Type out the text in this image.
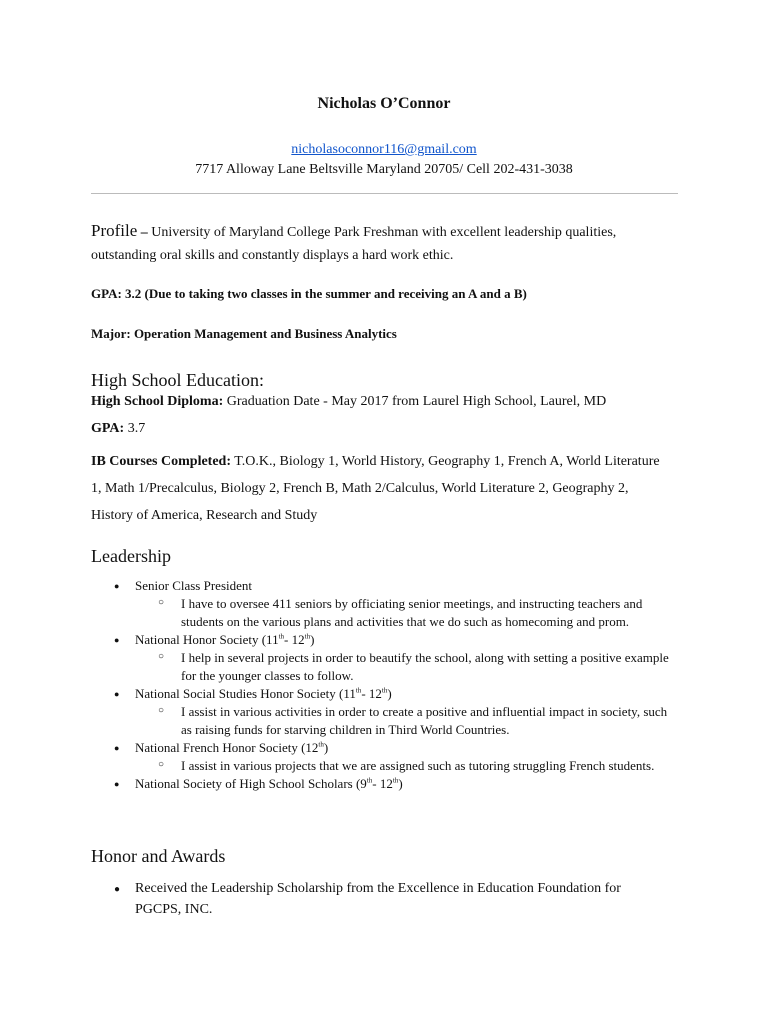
Nicholas O’Connor
nicholasoconnor116@gmail.com
7717 Alloway Lane Beltsville Maryland 20705/ Cell 202-431-3038
Profile – University of Maryland College Park Freshman with excellent leadership qualities, outstanding oral skills and constantly displays a hard work ethic.
GPA: 3.2 (Due to taking two classes in the summer and receiving an A and a B)
Major: Operation Management and Business Analytics
High School Education:
High School Diploma: Graduation Date - May 2017 from Laurel High School, Laurel, MD
GPA: 3.7
IB Courses Completed: T.O.K., Biology 1, World History, Geography 1, French A, World Literature 1, Math 1/Precalculus, Biology 2, French B, Math 2/Calculus, World Literature 2, Geography 2, History of America, Research and Study
Leadership
● Senior Class President
○ I have to oversee 411 seniors by officiating senior meetings, and instructing teachers and students on the various plans and activities that we do such as homecoming and prom.
● National Honor Society (11th- 12th)
○ I help in several projects in order to beautify the school, along with setting a positive example for the younger classes to follow.
● National Social Studies Honor Society (11th- 12th)
○ I assist in various activities in order to create a positive and influential impact in society, such as raising funds for starving children in Third World Countries.
● National French Honor Society (12th)
○ I assist in various projects that we are assigned such as tutoring struggling French students.
● National Society of High School Scholars (9th- 12th)
Honor and Awards
● Received the Leadership Scholarship from the Excellence in Education Foundation for PGCPS, INC.
